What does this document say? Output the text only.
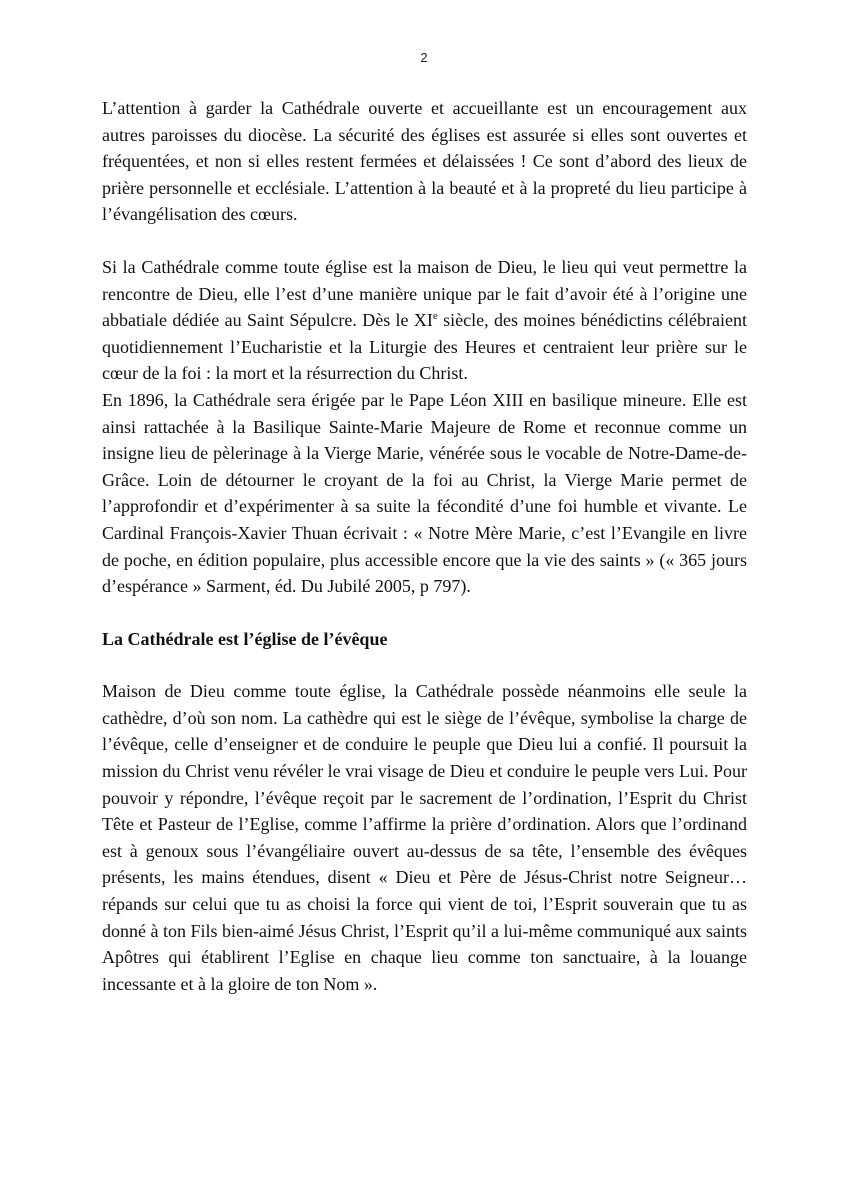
2

L’attention à garder la Cathédrale ouverte et accueillante est un encouragement aux autres paroisses du diocèse. La sécurité des églises est assurée si elles sont ouvertes et fréquentées, et non si elles restent fermées et délaissées ! Ce sont d’abord des lieux de prière personnelle et ecclésiale. L’attention à la beauté et à la propreté du lieu participe à l’évangélisation des cœurs.

Si la Cathédrale comme toute église est la maison de Dieu, le lieu qui veut permettre la rencontre de Dieu, elle l’est d’une manière unique par le fait d’avoir été à l’origine une abbatiale dédiée au Saint Sépulcre. Dès le XIe siècle, des moines bénédictins célébraient quotidiennement l’Eucharistie et la Liturgie des Heures et centraient leur prière sur le cœur de la foi : la mort et la résurrection du Christ.

En 1896, la Cathédrale sera érigée par le Pape Léon XIII en basilique mineure. Elle est ainsi rattachée à la Basilique Sainte-Marie Majeure de Rome et reconnue comme un insigne lieu de pèlerinage à la Vierge Marie, vénérée sous le vocable de Notre-Dame-de-Grâce. Loin de détourner le croyant de la foi au Christ, la Vierge Marie permet de l’approfondir et d’expérimenter à sa suite la fécondité d’une foi humble et vivante. Le Cardinal François-Xavier Thuan écrivait : « Notre Mère Marie, c’est l’Evangile en livre de poche, en édition populaire, plus accessible encore que la vie des saints » (« 365 jours d’espérance » Sarment, éd. Du Jubilé 2005, p 797).

La Cathédrale est l’église de l’évêque

Maison de Dieu comme toute église, la Cathédrale possède néanmoins elle seule la cathèdre, d’où son nom. La cathèdre qui est le siège de l’évêque, symbolise la charge de l’évêque, celle d’enseigner et de conduire le peuple que Dieu lui a confié. Il poursuit la mission du Christ venu révéler le vrai visage de Dieu et conduire le peuple vers Lui. Pour pouvoir y répondre, l’évêque reçoit par le sacrement de l’ordination, l’Esprit du Christ Tête et Pasteur de l’Eglise, comme l’affirme la prière d’ordination. Alors que l’ordinand est à genoux sous l’évangéliaire ouvert au-dessus de sa tête, l’ensemble des évêques présents, les mains étendues, disent « Dieu et Père de Jésus-Christ notre Seigneur… répands sur celui que tu as choisi la force qui vient de toi, l’Esprit souverain que tu as donné à ton Fils bien-aimé Jésus Christ, l’Esprit qu’il a lui-même communiqué aux saints Apôtres qui établirent l’Eglise en chaque lieu comme ton sanctuaire, à la louange incessante et à la gloire de ton Nom ».
